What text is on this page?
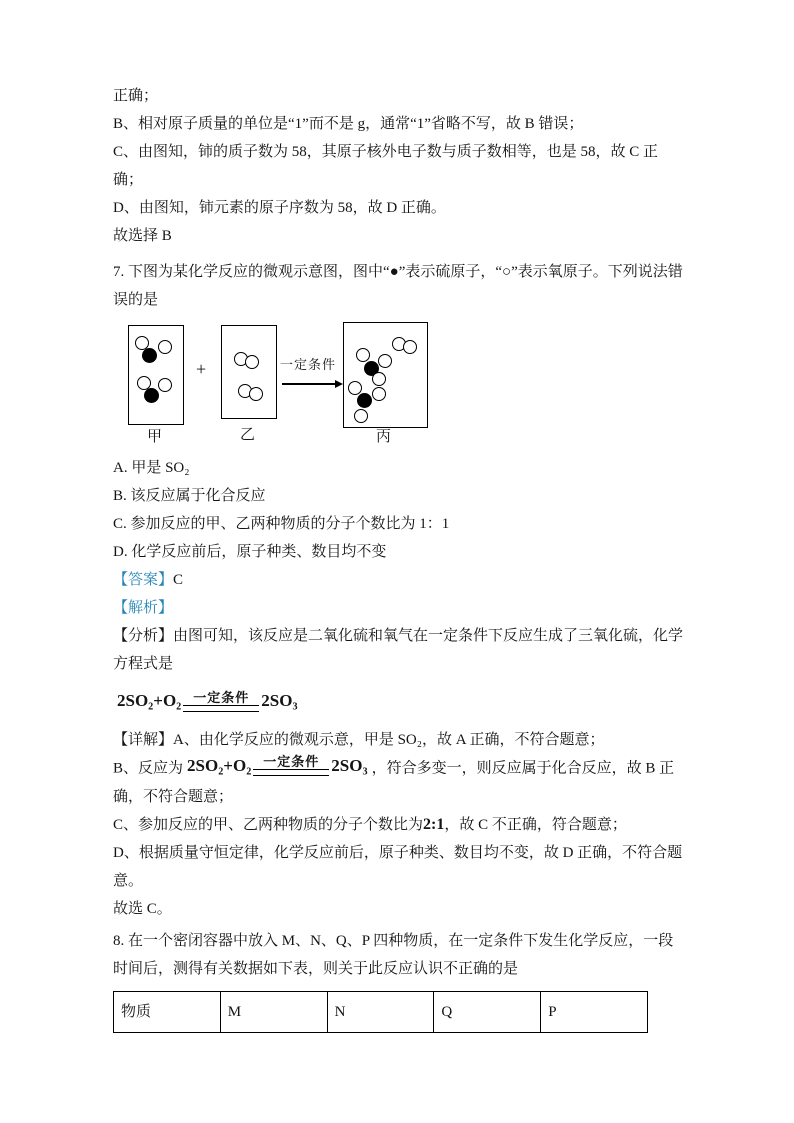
正确；

B、相对原子质量的单位是“1”而不是 g，通常“1”省略不写，故 B 错误；

C、由图知，铈的质子数为 58，其原子核外电子数与质子数相等，也是 58，故 C 正确；

D、由图知，铈元素的原子序数为 58，故 D 正确。

故选择 B

7. 下图为某化学反应的微观示意图，图中“●”表示硫原子，“○”表示氧原子。下列说法错误的是

+	一定条件
甲	乙	丙

A. 甲是 SO₂

B. 该反应属于化合反应

C. 参加反应的甲、乙两种物质的分子个数比为 1：1

D. 化学反应前后，原子种类、数目均不变

【答案】C

【解析】

【分析】由图可知，该反应是二氧化硫和氧气在一定条件下反应生成了三氧化硫，化学方程式是

2SO₂+O₂ 一定条件 2SO₃

【详解】A、由化学反应的微观示意，甲是 SO₂，故 A 正确，不符合题意；

B、反应为 2SO₂+O₂ 一定条件 2SO₃ ，符合多变一，则反应属于化合反应，故 B 正确，不符合题意；

C、参加反应的甲、乙两种物质的分子个数比为2:1，故 C 不正确，符合题意；

D、根据质量守恒定律，化学反应前后，原子种类、数目均不变，故 D 正确，不符合题意。

故选 C。

8. 在一个密闭容器中放入 M、N、Q、P 四种物质，在一定条件下发生化学反应，一段时间后，测得有关数据如下表，则关于此反应认识不正确的是

物质	M	N	Q	P
